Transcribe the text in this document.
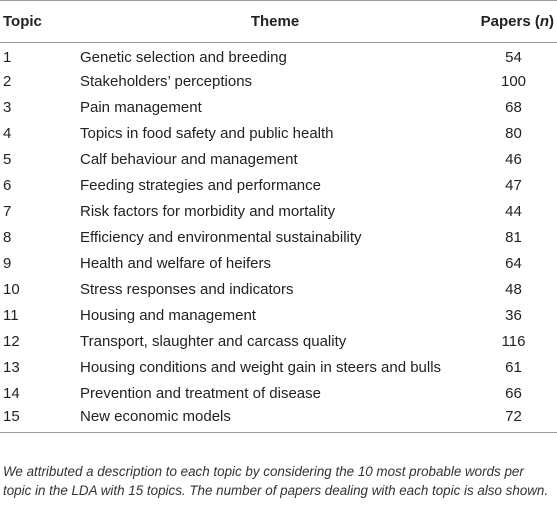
Topic	Theme	Papers (n)
1	Genetic selection and breeding	54
2	Stakeholders’ perceptions	100
3	Pain management	68
4	Topics in food safety and public health	80
5	Calf behaviour and management	46
6	Feeding strategies and performance	47
7	Risk factors for morbidity and mortality	44
8	Efficiency and environmental sustainability	81
9	Health and welfare of heifers	64
10	Stress responses and indicators	48
11	Housing and management	36
12	Transport, slaughter and carcass quality	116
13	Housing conditions and weight gain in steers and bulls	61
14	Prevention and treatment of disease	66
15	New economic models	72
We attributed a description to each topic by considering the 10 most probable words per topic in the LDA with 15 topics. The number of papers dealing with each topic is also shown.
